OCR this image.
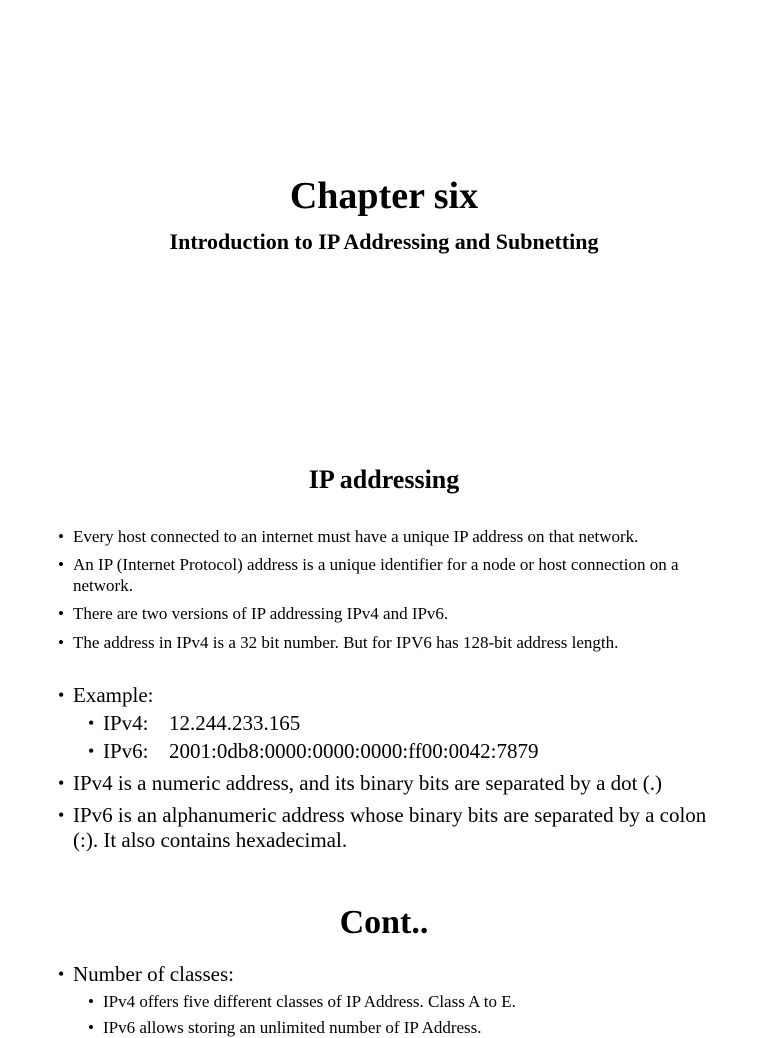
Chapter six
Introduction to IP Addressing and Subnetting
IP addressing
• Every host connected to an internet must have a unique IP address on that network.
• An IP (Internet Protocol) address is a unique identifier for a node or host connection on a network.
• There are two versions of IP addressing IPv4 and IPv6.
• The address in IPv4 is a 32 bit number. But for IPV6 has 128-bit address length.
• Example:
• IPv4: 12.244.233.165
• IPv6: 2001:0db8:0000:0000:0000:ff00:0042:7879
• IPv4 is a numeric address, and its binary bits are separated by a dot (.)
• IPv6 is an alphanumeric address whose binary bits are separated by a colon (:). It also contains hexadecimal.
Cont..
• Number of classes:
• IPv4 offers five different classes of IP Address. Class A to E.
• IPv6 allows storing an unlimited number of IP Address.
